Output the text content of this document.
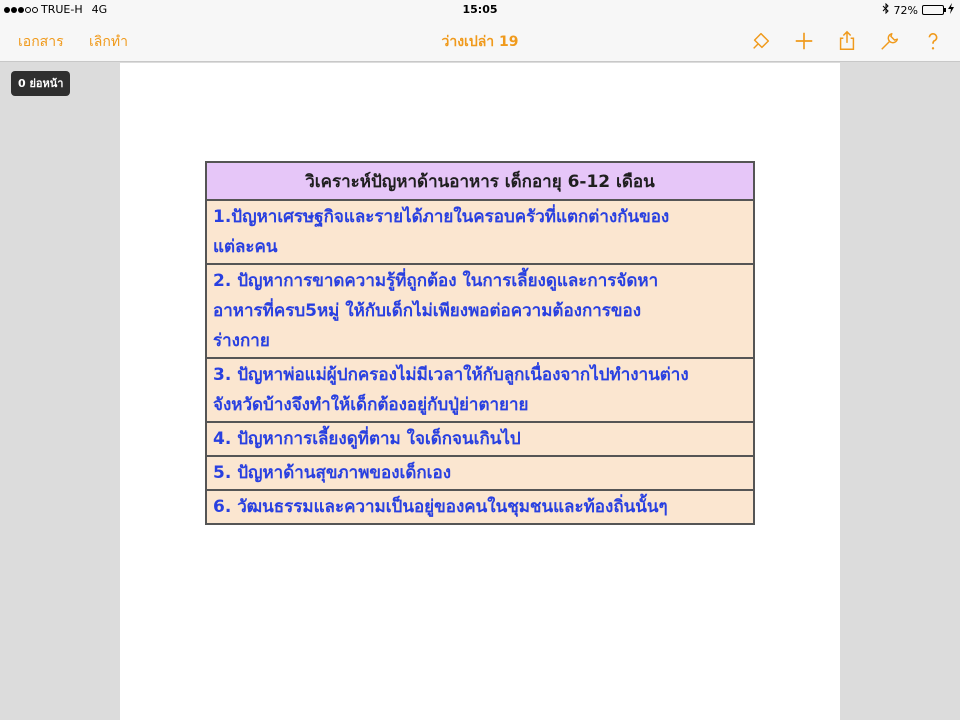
TRUE-H 4G	15:05	72%
เอกสาร เลิกทำ	ว่างเปล่า 19
0 ย่อหน้า
วิเคราะห์ปัญหาด้านอาหาร เด็กอายุ 6-12 เดือน

1.ปัญหาเศรษฐกิจและรายได้ภายในครอบครัวที่แตกต่างกันของ
แต่ละคน

2. ปัญหาการขาดความรู้ที่ถูกต้อง ในการเลี้ยงดูและการจัดหา
อาหารที่ครบ5หมู่ ให้กับเด็กไม่เพียงพอต่อความต้องการของ
ร่างกาย

3. ปัญหาพ่อแม่ผู้ปกครองไม่มีเวลาให้กับลูกเนื่องจากไปทำงานต่าง
จังหวัดบ้างจึงทำให้เด็กต้องอยู่กับปู่ย่าตายาย

4. ปัญหาการเลี้ยงดูที่ตาม ใจเด็กจนเกินไป

5. ปัญหาด้านสุขภาพของเด็กเอง

6. วัฒนธรรมและความเป็นอยู่ของคนในชุมชนและท้องถิ่นนั้นๆ
